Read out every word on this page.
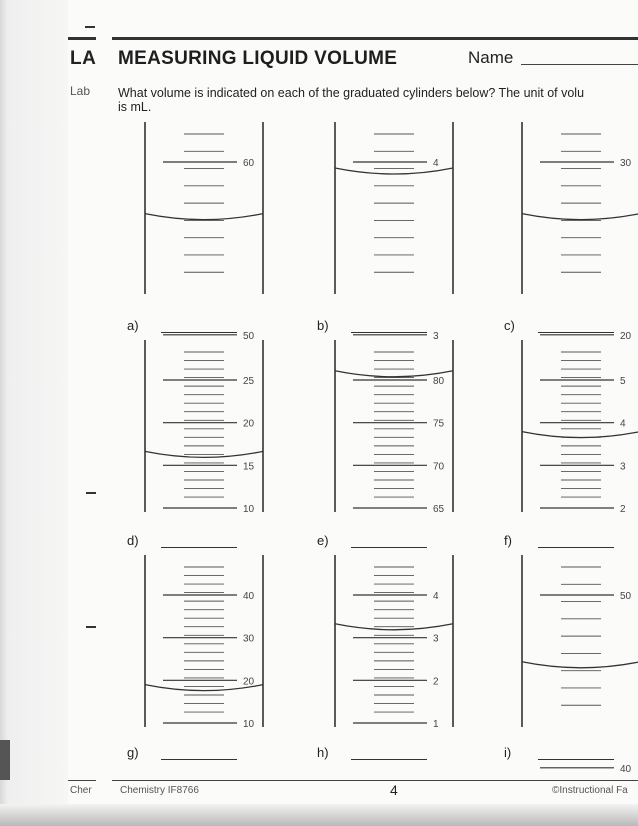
LA MEASURING LIQUID VOLUME	Name
Lab What volume is indicated on each of the graduated cylinders below? The unit of volu
is mL.
60
50
a)
4
3
b)
30
20
c)
25
20
15
10
d)
80
75
70
65
e)
5
4
3
2
f)
40
30
20
10
g)
4
3
2
1
h)
50
40
i)
Cher	Chemistry IF8766	4	©Instructional Fa
